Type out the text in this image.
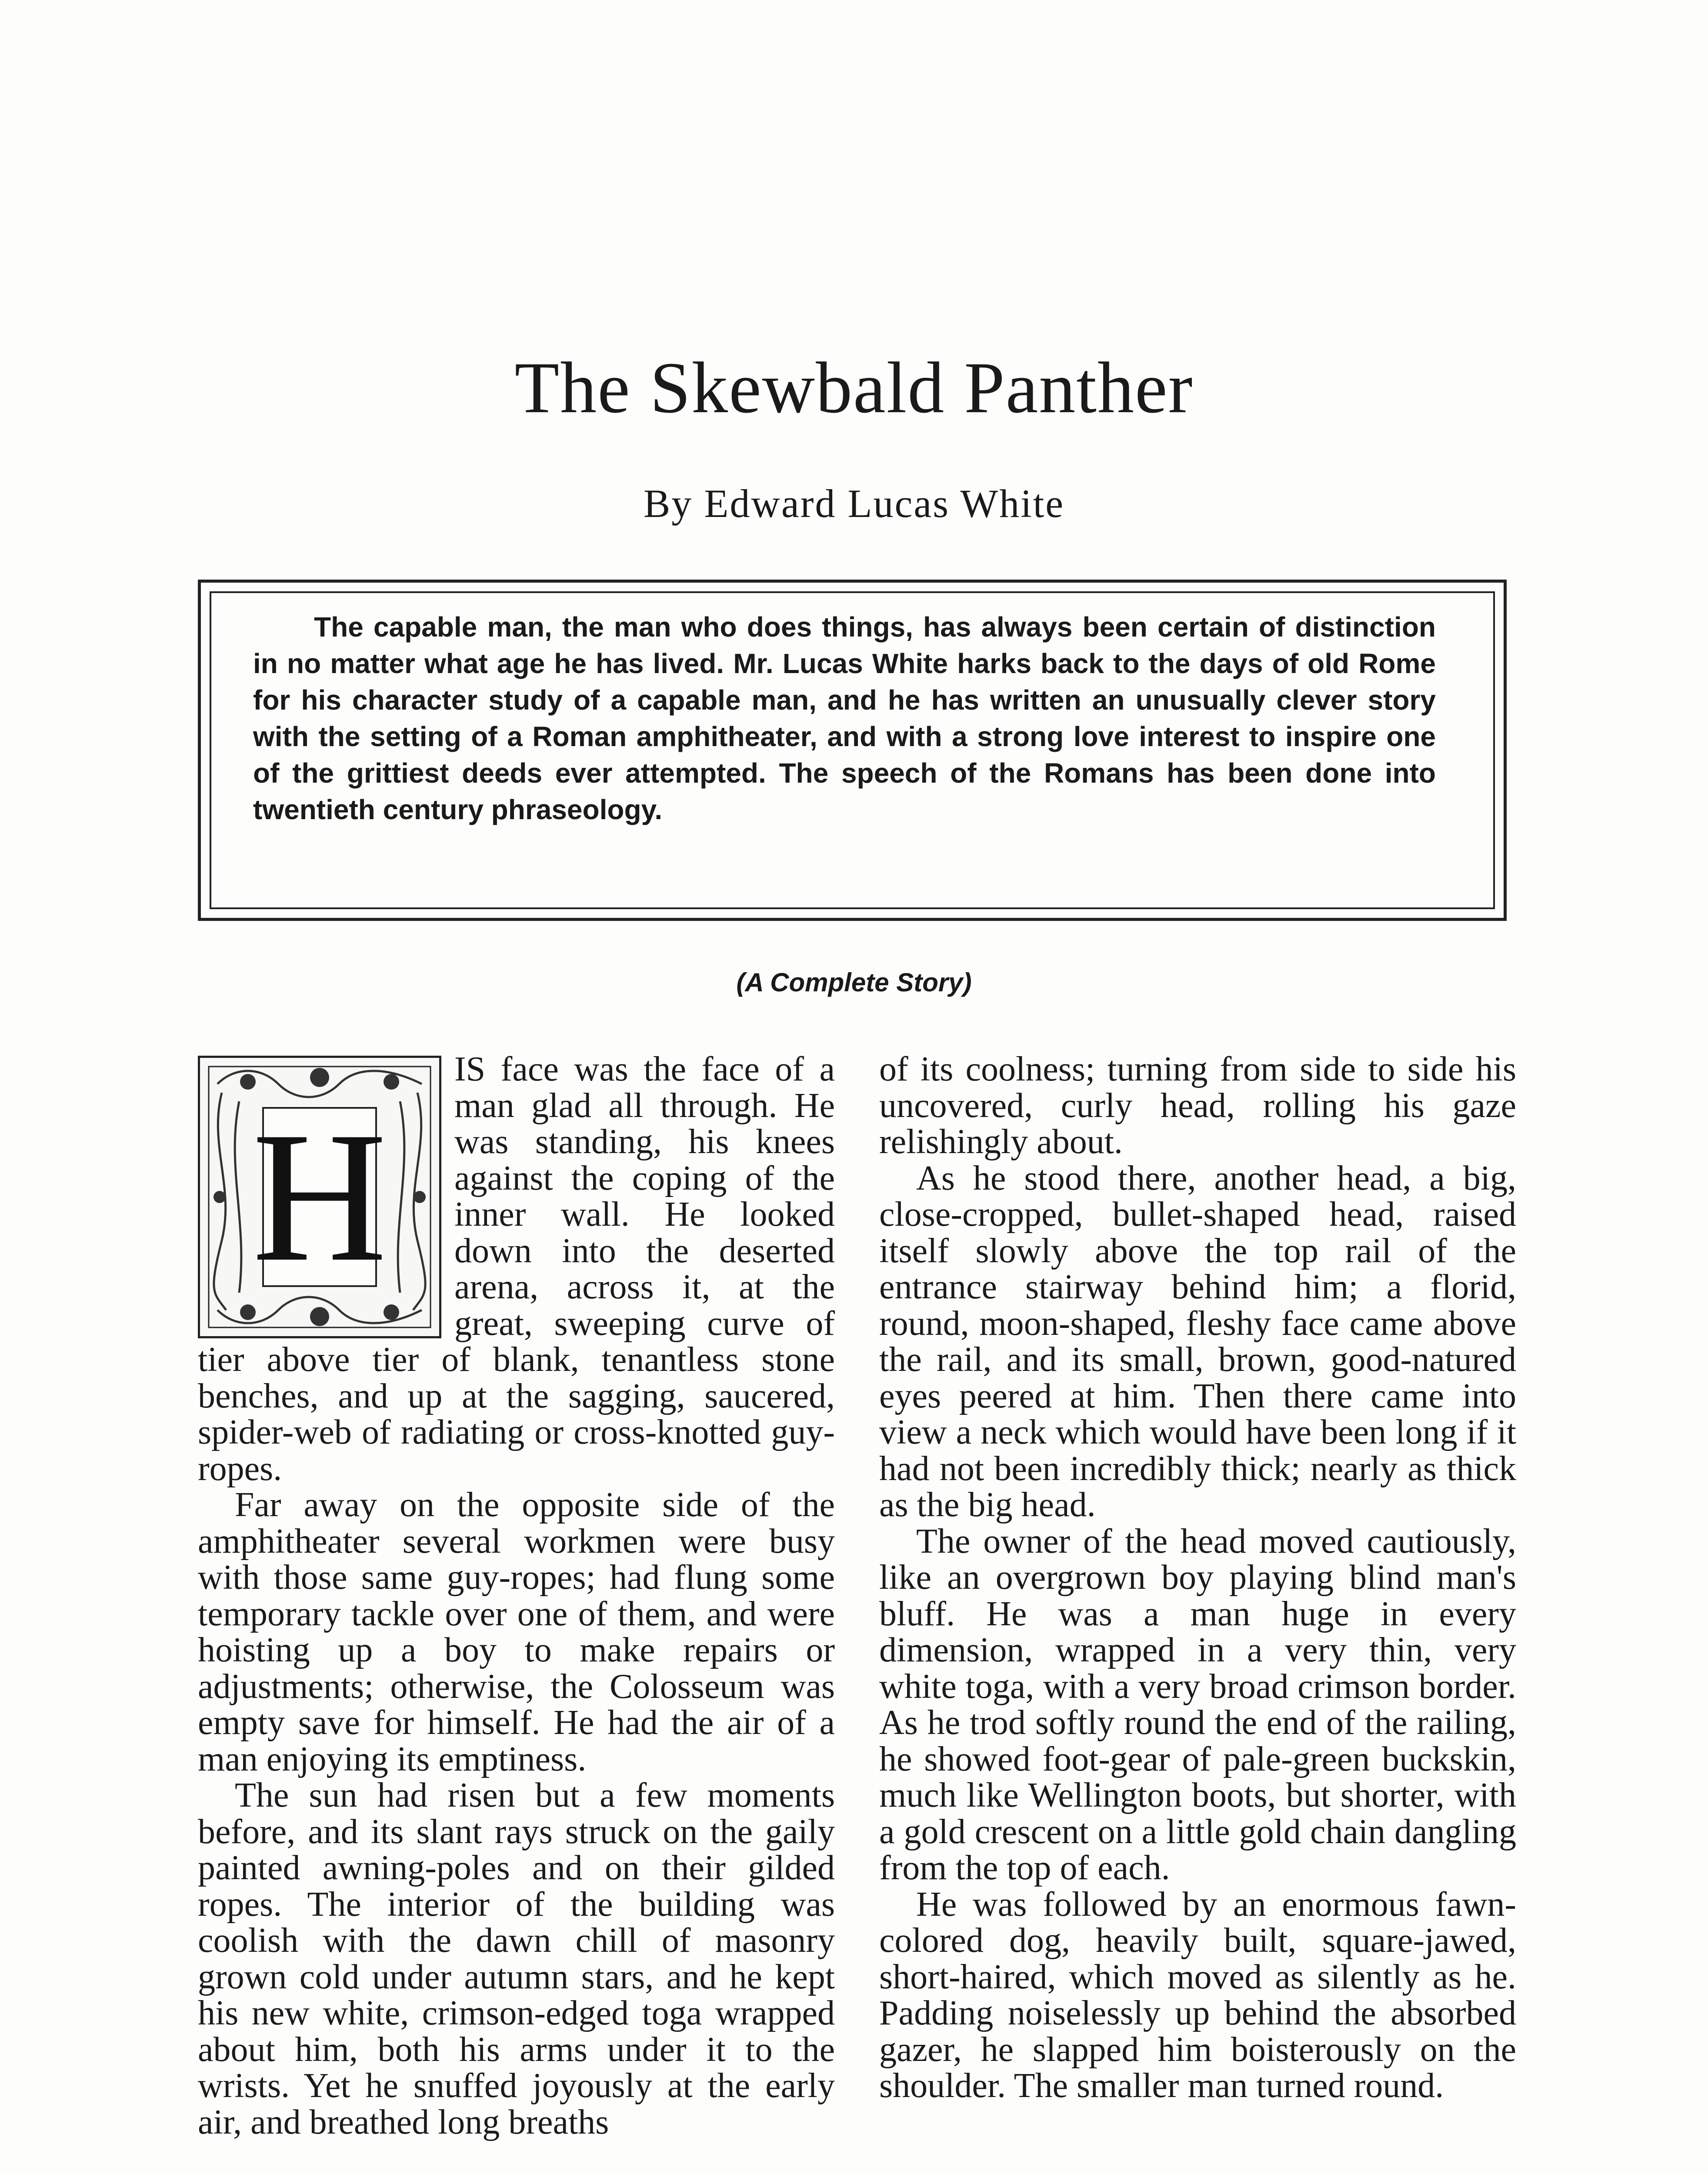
The Skewbald Panther
By Edward Lucas White

The capable man, the man who does things, has always been certain of distinction in no matter what age he has lived. Mr. Lucas White harks back to the days of old Rome for his character study of a capable man, and he has written an unusually clever story with the setting of a Roman amphitheater, and with a strong love interest to inspire one of the grittiest deeds ever attempted. The speech of the Romans has been done into twentieth century phraseology.

(A Complete Story)
H

IS face was the face of a man glad all through. He was standing, his knees against the coping of the inner wall. He looked down into the deserted arena, across it, at the great, sweeping curve of tier above tier of blank, tenantless stone benches, and up at the sagging, saucered, spider-web of radiating or cross-knotted guy-ropes.

Far away on the opposite side of the amphitheater several workmen were busy with those same guy-ropes; had flung some temporary tackle over one of them, and were hoisting up a boy to make repairs or adjustments; otherwise, the Colosseum was empty save for himself. He had the air of a man enjoying its emptiness.

The sun had risen but a few moments before, and its slant rays struck on the gaily painted awning-poles and on their gilded ropes. The interior of the building was coolish with the dawn chill of masonry grown cold under autumn stars, and he kept his new white, crimson-edged toga wrapped about him, both his arms under it to the wrists. Yet he snuffed joyously at the early air, and breathed long breaths

of its coolness; turning from side to side his uncovered, curly head, rolling his gaze relishingly about.

As he stood there, another head, a big, close-cropped, bullet-shaped head, raised itself slowly above the top rail of the entrance stairway behind him; a florid, round, moon-shaped, fleshy face came above the rail, and its small, brown, good-natured eyes peered at him. Then there came into view a neck which would have been long if it had not been incredibly thick; nearly as thick as the big head.

The owner of the head moved cautiously, like an overgrown boy playing blind man's bluff. He was a man huge in every dimension, wrapped in a very thin, very white toga, with a very broad crimson border. As he trod softly round the end of the railing, he showed foot-gear of pale-green buckskin, much like Wellington boots, but shorter, with a gold crescent on a little gold chain dangling from the top of each.

He was followed by an enormous fawn-colored dog, heavily built, square-jawed, short-haired, which moved as silently as he. Padding noiselessly up behind the absorbed gazer, he slapped him boisterously on the shoulder. The smaller man turned round.
